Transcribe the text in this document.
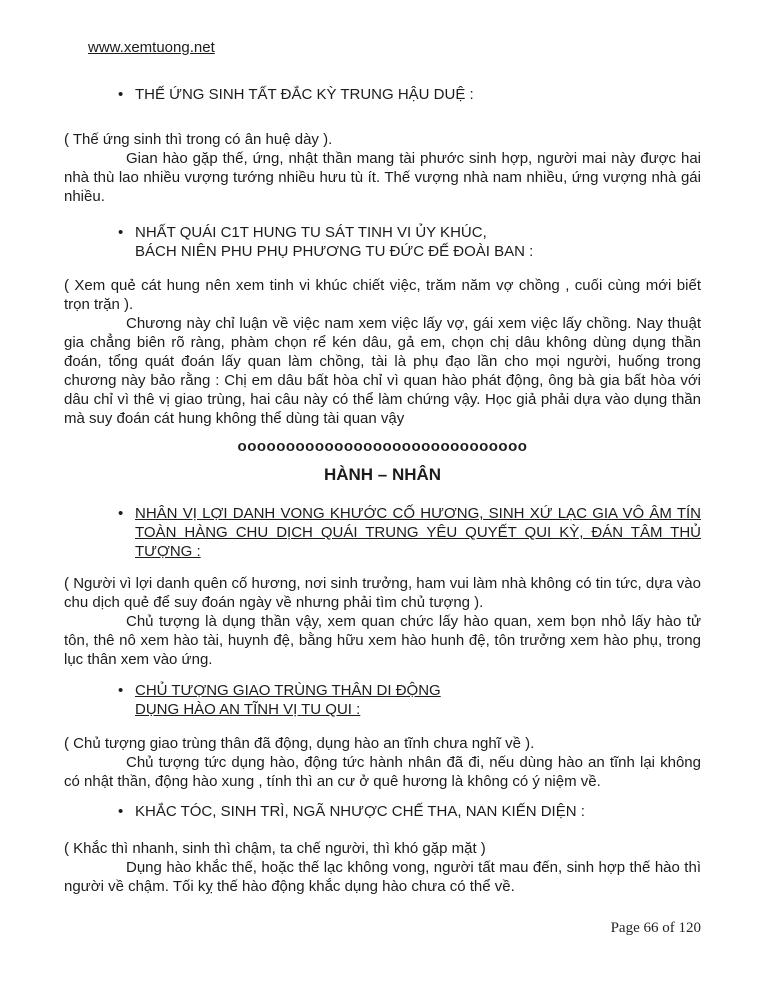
www.xemtuong.net
• THẾ ỨNG SINH TẤT ĐẮC KỲ TRUNG HẬU DUỆ :

( Thế ứng sinh thì trong có ân huệ dày ).

Gian hào gặp thế, ứng, nhật thần mang tài phước sinh hợp, người mai này được hai nhà thù lao nhiều vượng tướng nhiều hưu tù ít. Thế vượng nhà nam nhiều, ứng vượng nhà gái nhiều.

• NHẤT QUÁI C1T HUNG TU SÁT TINH VI ỦY KHÚC,
BÁCH NIÊN PHU PHỤ PHƯƠNG TU ĐỨC ĐẾ ĐOÀI BAN :

( Xem quẻ cát hung nên xem tinh vi khúc chiết việc, trăm năm vợ chồng , cuối cùng mới biết trọn trặn ).

Chương này chỉ luận về việc nam xem việc lấy vợ, gái xem việc lấy chồng. Nay thuật gia chẳng biên rõ ràng, phàm chọn rể kén dâu, gả em, chọn chị dâu không dùng dụng thần đoán, tổng quát đoán lấy quan làm chồng, tài là phụ đạo lần cho mọi người, huống trong chương này bảo rằng : Chị em dâu bất hòa chỉ vì quan hào phát động, ông bà gia bất hòa với dâu chỉ vì thê vị giao trùng, hai câu này có thể làm chứng vậy. Học giả phải dựa vào dụng thần mà suy đoán cát hung không thể dùng tài quan vậy

oooooooooooooooooooooooooooooo
HÀNH – NHÂN
• NHÂN VỊ LỢI DANH VONG KHƯỚC CỐ HƯƠNG, SINH XỨ LẠC GIA VÔ ÂM TÍN TOÀN HÀNG CHU DỊCH QUÁI TRUNG YÊU QUYẾT QUI KỲ, ĐÁN TÂM THỦ TƯỢNG :

( Người vì lợi danh quên cố hương, nơi sinh trưởng, ham vui làm nhà không có tin tức, dựa vào chu dịch quẻ để suy đoán ngày về nhưng phải tìm chủ tượng ).

Chủ tượng là dụng thần vậy, xem quan chức lấy hào quan, xem bọn nhỏ lấy hào tử tôn, thê nô xem hào tài, huynh đệ, bằng hữu xem hào hunh đệ, tôn trưởng xem hào phụ, trong lục thân xem vào ứng.

• CHỦ TƯỢNG GIAO TRÙNG THÂN DI ĐỘNG
DỤNG HÀO AN TĨNH VỊ TU QUI :

( Chủ tượng giao trùng thân đã động, dụng hào an tĩnh chưa nghĩ về ).

Chủ tượng tức dụng hào, động tức hành nhân đã đi, nếu dùng hào an tĩnh lại không có nhật thần, động hào xung , tính thì an cư ở quê hương là không có ý niệm về.

• KHẮC TÓC, SINH TRÌ, NGÃ NHƯỢC CHẾ THA, NAN KIẾN DIỆN :

( Khắc thì nhanh, sinh thì chậm, ta chế người, thì khó gặp mặt )

Dụng hào khắc thế, hoặc thế lạc không vong, người tất mau đến, sinh hợp thế hào thì người về chậm. Tối kỵ thế hào động khắc dụng hào chưa có thể về.

Page 66 of 120
